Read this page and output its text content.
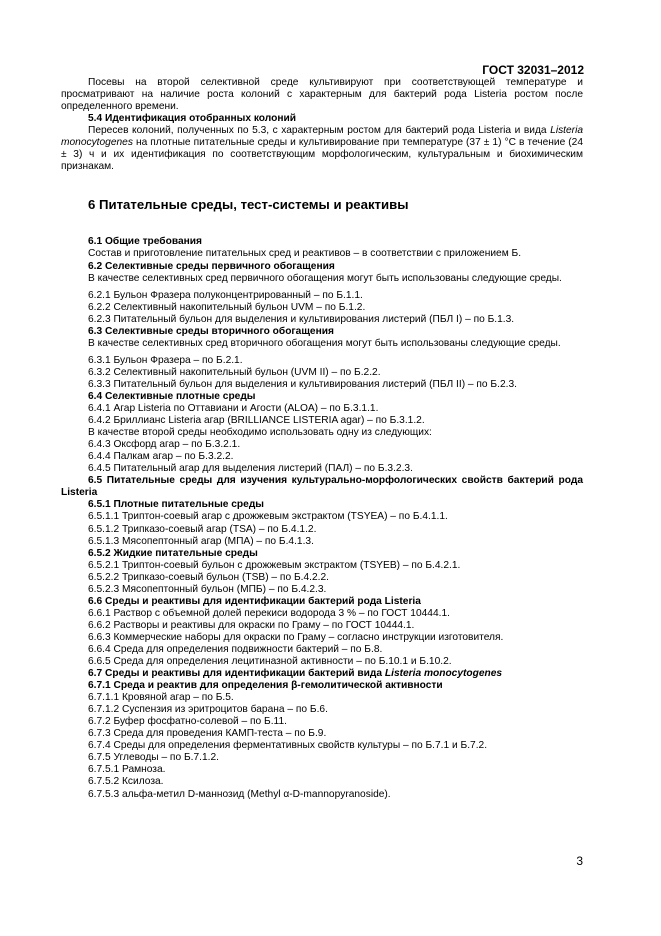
ГОСТ 32031–2012

Посевы на второй селективной среде культивируют при соответствующей температуре и просматривают на наличие роста колоний с характерным для бактерий рода Listeria ростом после определенного времени.

5.4 Идентификация отобранных колоний

Пересев колоний, полученных по 5.3, с характерным ростом для бактерий рода Listeria и вида Listeria monocytogenes на плотные питательные среды и культивирование при температуре (37 ± 1) °С в течение (24 ± 3) ч и их идентификация по соответствующим морфологическим, культуральным и биохимическим признакам.

6 Питательные среды, тест-системы и реактивы

6.1 Общие требования

Состав и приготовление питательных сред и реактивов – в соответствии с приложением Б.

6.2 Селективные среды первичного обогащения

В качестве селективных сред первичного обогащения могут быть использованы следующие среды.

6.2.1 Бульон Фразера полуконцентрированный – по Б.1.1.

6.2.2 Селективный накопительный бульон UVM – по Б.1.2.

6.2.3 Питательный бульон для выделения и культивирования листерий (ПБЛ I) – по Б.1.3.

6.3 Селективные среды вторичного обогащения

В качестве селективных сред вторичного обогащения могут быть использованы следующие среды.

6.3.1 Бульон Фразера – по Б.2.1.

6.3.2 Селективный накопительный бульон (UVM II) – по Б.2.2.

6.3.3 Питательный бульон для выделения и культивирования листерий (ПБЛ II) – по Б.2.3.

6.4 Селективные плотные среды

6.4.1 Агар Listeria по Оттавиани и Агости (ALOA) – по Б.3.1.1.

6.4.2 Бриллианс Listeria агар (BRILLIANCE LISTERIA agar) – по Б.3.1.2.

В качестве второй среды необходимо использовать одну из следующих:

6.4.3 Оксфорд агар – по Б.3.2.1.

6.4.4 Палкам агар – по Б.3.2.2.

6.4.5 Питательный агар для выделения листерий (ПАЛ) – по Б.3.2.3.

6.5 Питательные среды для изучения культурально-морфологических свойств бактерий рода Listeria

6.5.1 Плотные питательные среды

6.5.1.1 Триптон-соевый агар с дрожжевым экстрактом (TSYEA) – по Б.4.1.1.

6.5.1.2 Трипказо-соевый агар (TSA) – по Б.4.1.2.

6.5.1.3 Мясопептонный агар (МПА) – по Б.4.1.3.

6.5.2 Жидкие питательные среды

6.5.2.1 Триптон-соевый бульон с дрожжевым экстрактом (TSYEB) – по Б.4.2.1.

6.5.2.2 Трипказо-соевый бульон (TSB) – по Б.4.2.2.

6.5.2.3 Мясопептонный бульон (МПБ) – по Б.4.2.3.

6.6 Среды и реактивы для идентификации бактерий рода Listeria

6.6.1 Раствор с объемной долей перекиси водорода 3 % – по ГОСТ 10444.1.

6.6.2 Растворы и реактивы для окраски по Граму – по ГОСТ 10444.1.

6.6.3 Коммерческие наборы для окраски по Граму – согласно инструкции изготовителя.

6.6.4 Среда для определения подвижности бактерий – по Б.8.

6.6.5 Среда для определения лецитиназной активности – по Б.10.1 и Б.10.2.

6.7 Среды и реактивы для идентификации бактерий вида Listeria monocytogenes

6.7.1 Среда и реактив для определения β-гемолитической активности

6.7.1.1 Кровяной агар – по Б.5.

6.7.1.2 Суспензия из эритроцитов барана – по Б.6.

6.7.2 Буфер фосфатно-солевой – по Б.11.

6.7.3 Среда для проведения КАМП-теста – по Б.9.

6.7.4 Среды для определения ферментативных свойств культуры – по Б.7.1 и Б.7.2.

6.7.5 Углеводы – по Б.7.1.2.

6.7.5.1 Рамноза.

6.7.5.2 Ксилоза.

6.7.5.3 альфа-метил D-маннозид (Methyl α-D-mannopyranoside).

3
